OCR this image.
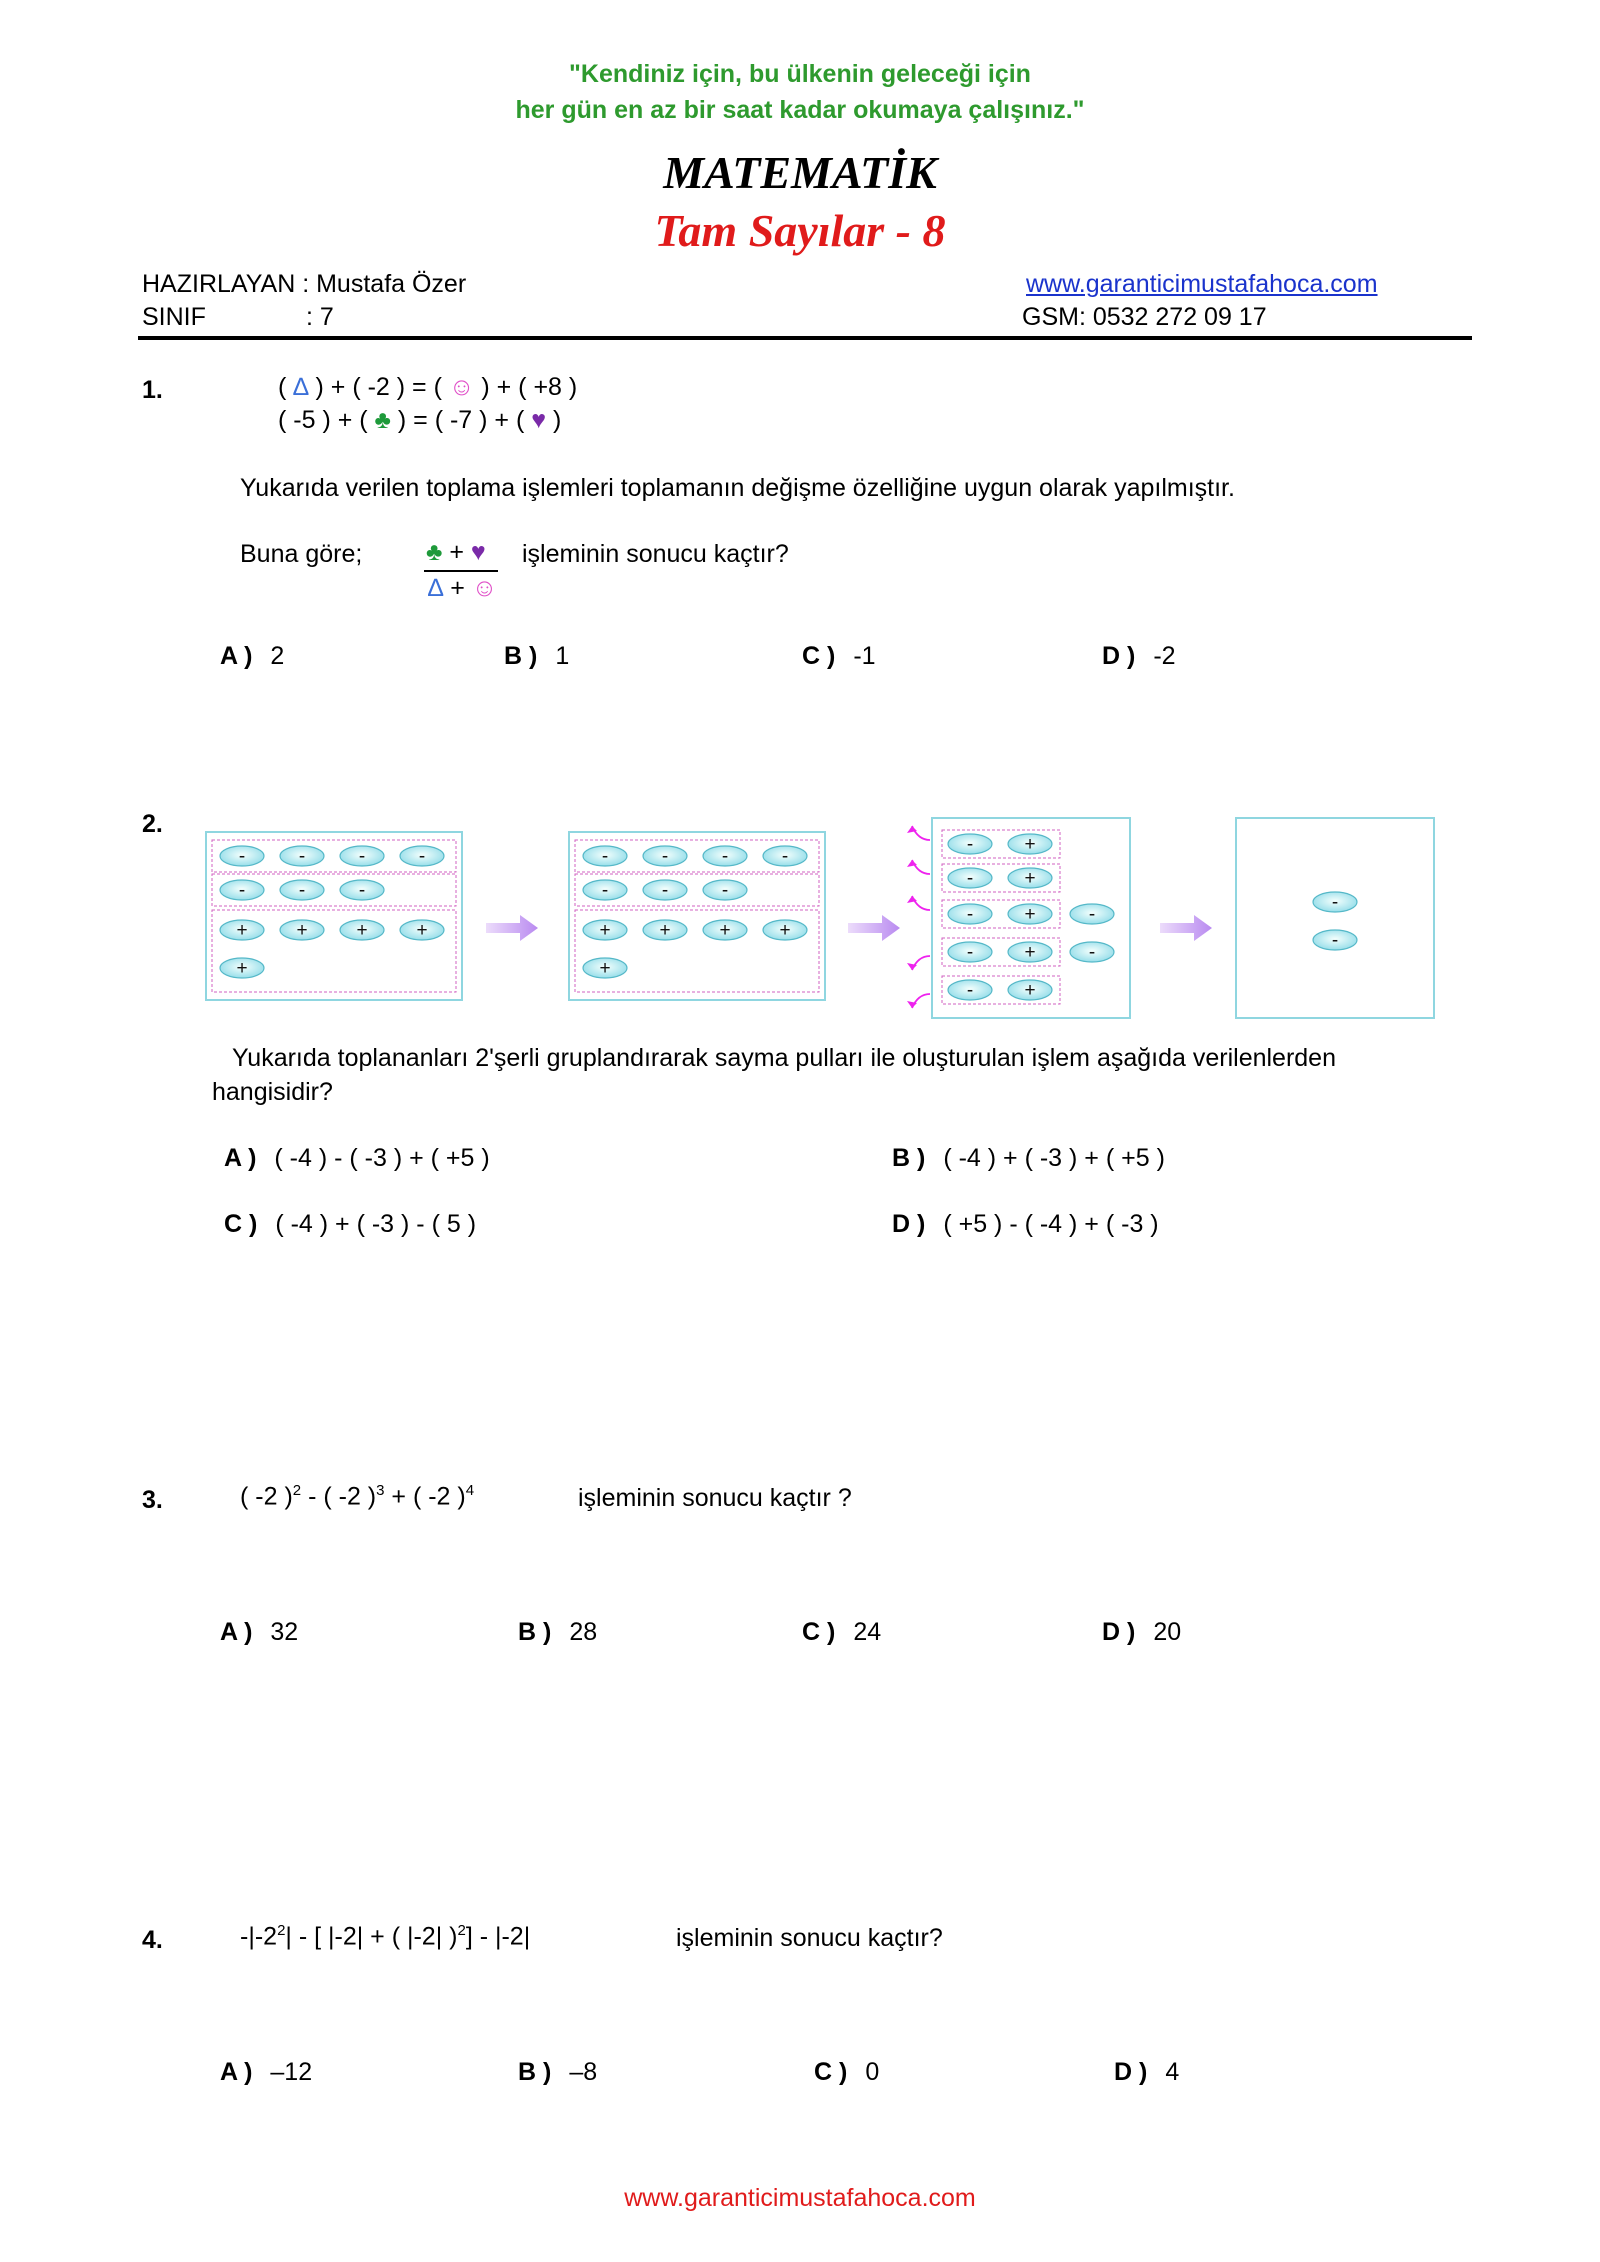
"Kendiniz için, bu ülkenin geleceği için
her gün en az bir saat kadar okumaya çalışınız."
MATEMATİK
Tam Sayılar - 8
HAZIRLAYAN : Mustafa Özer
SINIF	: 7
www.garanticimustafahoca.com
GSM: 0532 272 09 17
1.	( ∆ ) + ( -2 ) = ( ☺ ) + ( +8 )
( -5 ) + ( ♣ ) = ( -7 ) + ( ♥ )
Yukarıda verilen toplama işlemleri toplamanın değişme özelliğine uygun olarak yapılmıştır.
Buna göre;	♣ + ♥
∆ + ☺
işleminin sonucu kaçtır?
A ) 2	B ) 1	C ) -1	D ) -2
2.
-	-	-	-
-	-	-
+	+	+	+
+
-	-	-	-
-	-	-
+	+	+	+
+
-	+
-	+
-	+
-	+
-	+
-
-
-
-
Yukarıda toplananları 2'şerli gruplandırarak sayma pulları ile oluşturulan işlem aşağıda verilenlerden
hangisidir?
A ) ( -4 ) - ( -3 ) + ( +5 )	B ) ( -4 ) + ( -3 ) + ( +5 )
C ) ( -4 ) + ( -3 ) - ( 5 )	D ) ( +5 ) - ( -4 ) + ( -3 )
3.	( -2 )$^2$ - ( -2 )$^3$ + ( -2 )$^4$	işleminin sonucu kaçtır ?
A ) 32	B ) 28	C ) 24	D ) 20
4.	$-|-2^2|$ - [ |-2| + ( |-2| )$^2$] - |-2|	işleminin sonucu kaçtır?
A ) –12	B ) –8	C ) 0	D ) 4
www.garanticimustafahoca.com
